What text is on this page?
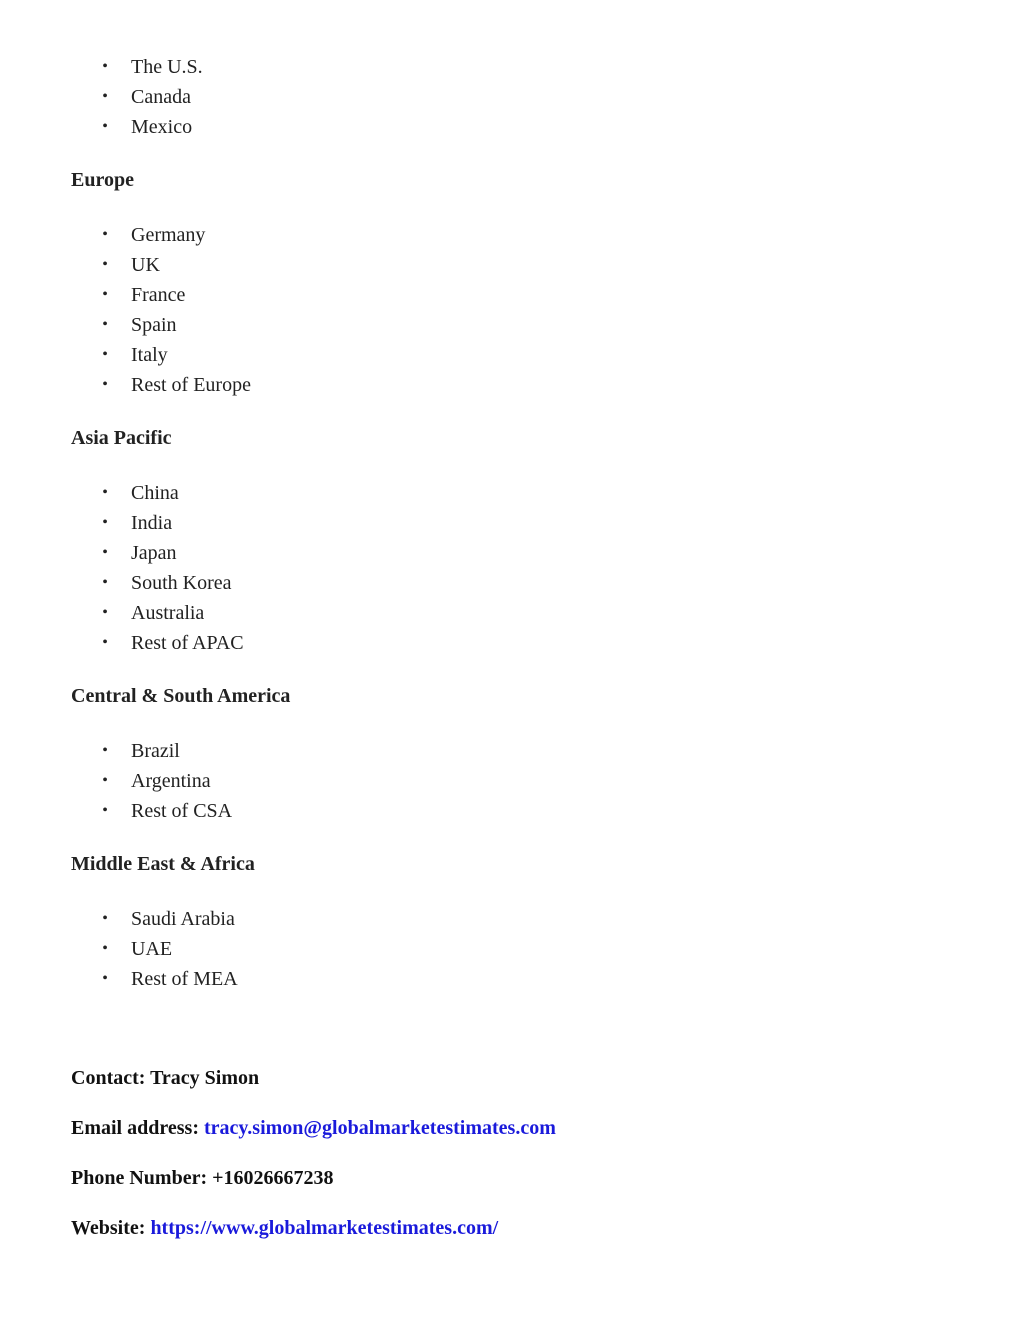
• The U.S.
• Canada
• Mexico
Europe
• Germany
• UK
• France
• Spain
• Italy
• Rest of Europe
Asia Pacific
• China
• India
• Japan
• South Korea
• Australia
• Rest of APAC
Central & South America
• Brazil
• Argentina
• Rest of CSA
Middle East & Africa
• Saudi Arabia
• UAE
• Rest of MEA

Contact: Tracy Simon

Email address: tracy.simon@globalmarketestimates.com

Phone Number: +16026667238

Website: https://www.globalmarketestimates.com/
